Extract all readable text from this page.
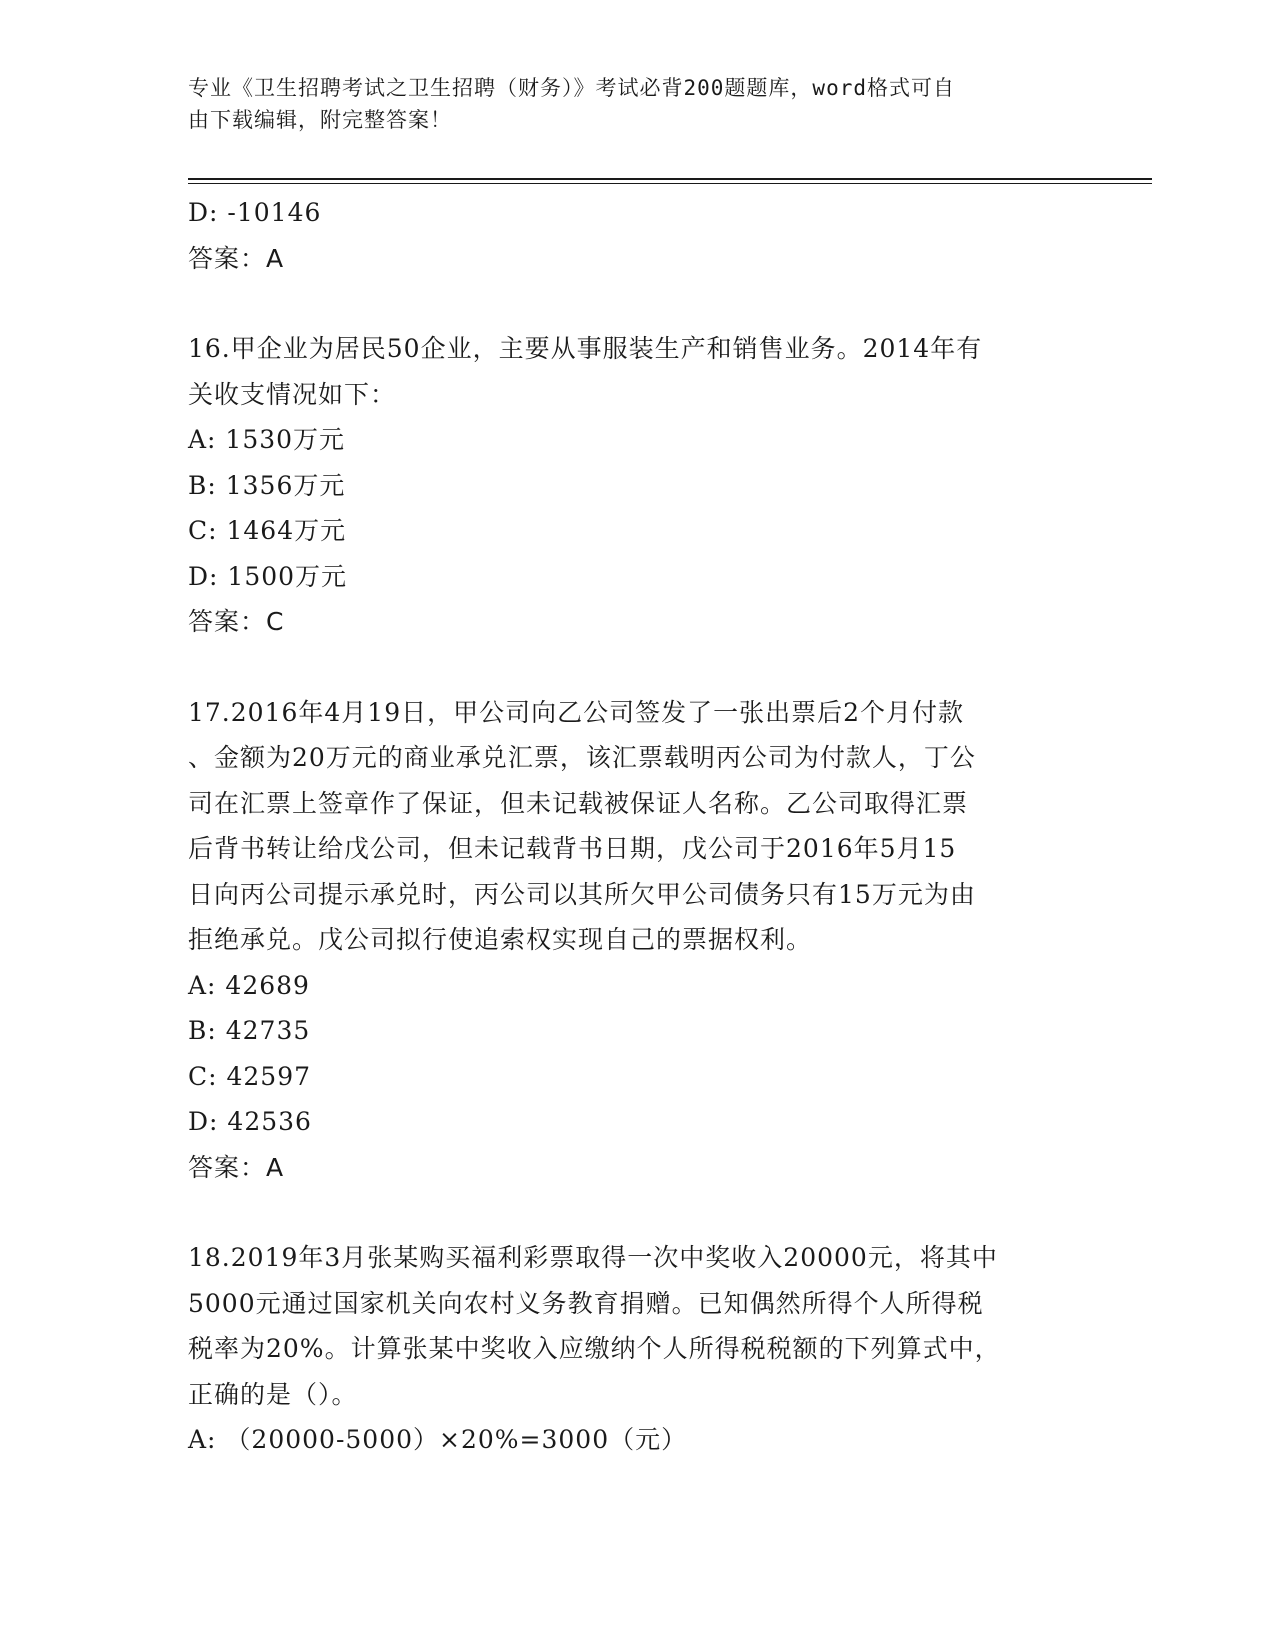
专业《卫生招聘考试之卫生招聘（财务）》考试必背200题题库，word格式可自
由下载编辑，附完整答案！
D: -10146
答案：A
16.甲企业为居民50企业，主要从事服装生产和销售业务。2014年有
关收支情况如下：
A: 1530万元
B: 1356万元
C: 1464万元
D: 1500万元
答案：C
17.2016年4月19日，甲公司向乙公司签发了一张出票后2个月付款
、金额为20万元的商业承兑汇票，该汇票载明丙公司为付款人，丁公
司在汇票上签章作了保证，但未记载被保证人名称。乙公司取得汇票
后背书转让给戊公司，但未记载背书日期，戊公司于2016年5月15
日向丙公司提示承兑时，丙公司以其所欠甲公司债务只有15万元为由
拒绝承兑。戊公司拟行使追索权实现自己的票据权利。
A: 42689
B: 42735
C: 42597
D: 42536
答案：A
18.2019年3月张某购买福利彩票取得一次中奖收入20000元，将其中
5000元通过国家机关向农村义务教育捐赠。已知偶然所得个人所得税
税率为20%。计算张某中奖收入应缴纳个人所得税税额的下列算式中，
正确的是（）。
A: （20000-5000）×20%=3000（元）
